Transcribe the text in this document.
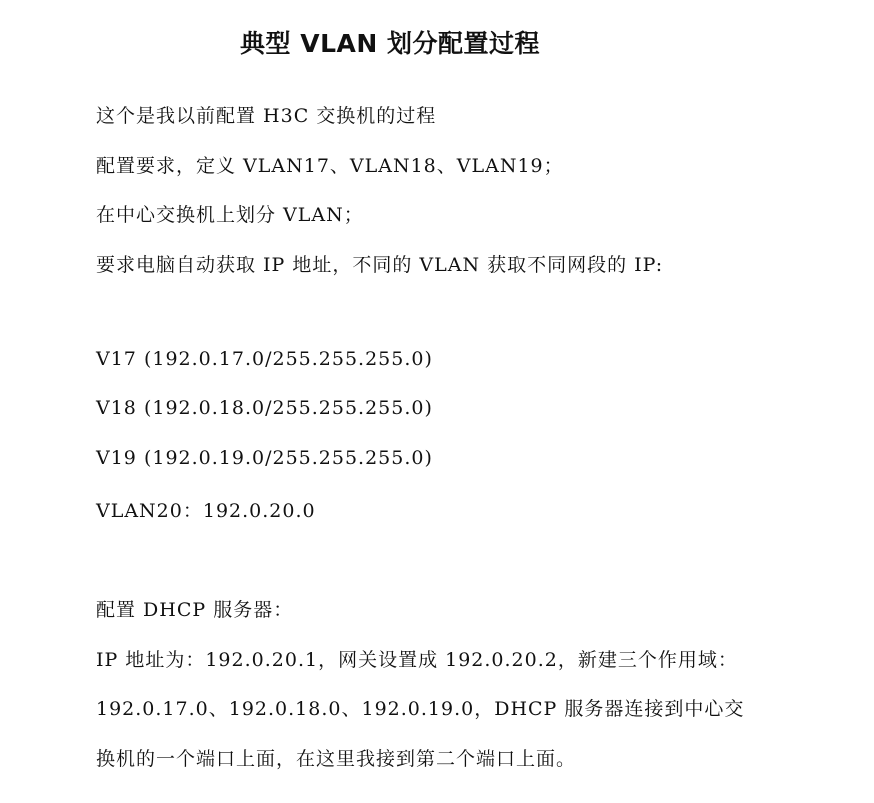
典型 VLAN 划分配置过程
这个是我以前配置 H3C 交换机的过程
配置要求，定义 VLAN17、VLAN18、VLAN19；
在中心交换机上划分 VLAN；
要求电脑自动获取 IP 地址，不同的 VLAN 获取不同网段的 IP:
V17 (192.0.17.0/255.255.255.0)
V18 (192.0.18.0/255.255.255.0)
V19 (192.0.19.0/255.255.255.0)
VLAN20：192.0.20.0
配置 DHCP 服务器：
IP 地址为：192.0.20.1，网关设置成 192.0.20.2，新建三个作用域：
192.0.17.0、192.0.18.0、192.0.19.0，DHCP 服务器连接到中心交
换机的一个端口上面，在这里我接到第二个端口上面。
